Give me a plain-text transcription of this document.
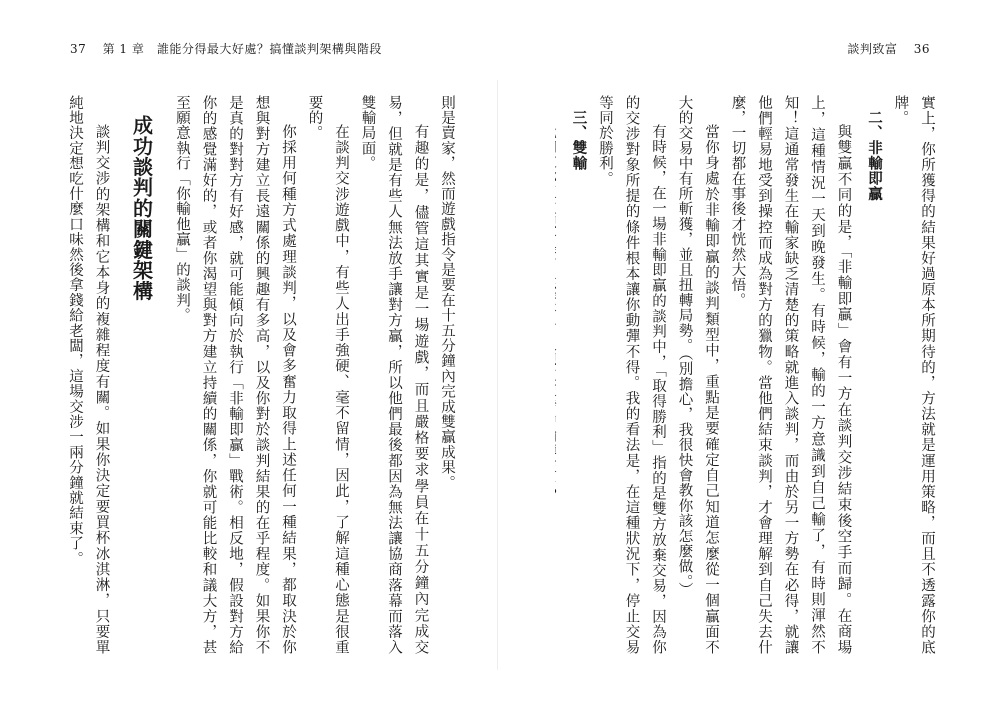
37 第 1 章　誰能分得最大好處？搞懂談判架構與階段	談判致富 36

實上，你所獲得的結果好過原本所期待的，方法就是運用策略，而且不透露你的底牌。

二、非輸即贏

與雙贏不同的是，「非輸即贏」會有一方在談判交涉結束後空手而歸。在商場上，這種情況一天到晚發生。有時候，輸的一方意識到自己輸了，有時則渾然不知！這通常發生在輸家缺乏清楚的策略就進入談判，而由於另一方勢在必得，就讓他們輕易地受到操控而成為對方的獵物。當他們結束談判，才會理解到自己失去什麼，一切都在事後才恍然大悟。

當你身處於非輸即贏的談判類型中，重點是要確定自己知道怎麼從一個贏面不大的交易中有所斬獲，並且扭轉局勢。（別擔心，我很快會教你該怎麼做。）

有時候，在一場非輸即贏的談判中，「取得勝利」指的是雙方放棄交易，因為你的交涉對象所提的條件根本讓你動彈不得。我的看法是，在這種狀況下，停止交易等同於勝利。

三、雙輸

則是賣家，然而遊戲指令是要在十五分鐘內完成雙贏成果。

有趣的是，儘管這其實是一場遊戲，而且嚴格要求學員在十五分鐘內完成交易，但就是有些人無法放手讓對方贏，所以他們最後都因為無法讓協商落幕而落入雙輸局面。

在談判交涉遊戲中，有些人出手強硬、毫不留情，因此，了解這種心態是很重要的。

你採用何種方式處理談判，以及會多奮力取得上述任何一種結果，都取決於你想與對方建立長遠關係的興趣有多高，以及你對於談判結果的在乎程度。如果你不是真的對對方有好感，就可能傾向於執行「非輸即贏」戰術。相反地，假設對方給你的感覺滿好的，或者你渴望與對方建立持續的關係，你就可能比較和議大方，甚至願意執行「你輸他贏」的談判。

成功談判的關鍵架構

談判交涉的架構和它本身的複雜程度有關。如果你決定要買杯冰淇淋，只要單純地決定想吃什麼口味然後拿錢給老闆，這場交涉一兩分鐘就結束了。
